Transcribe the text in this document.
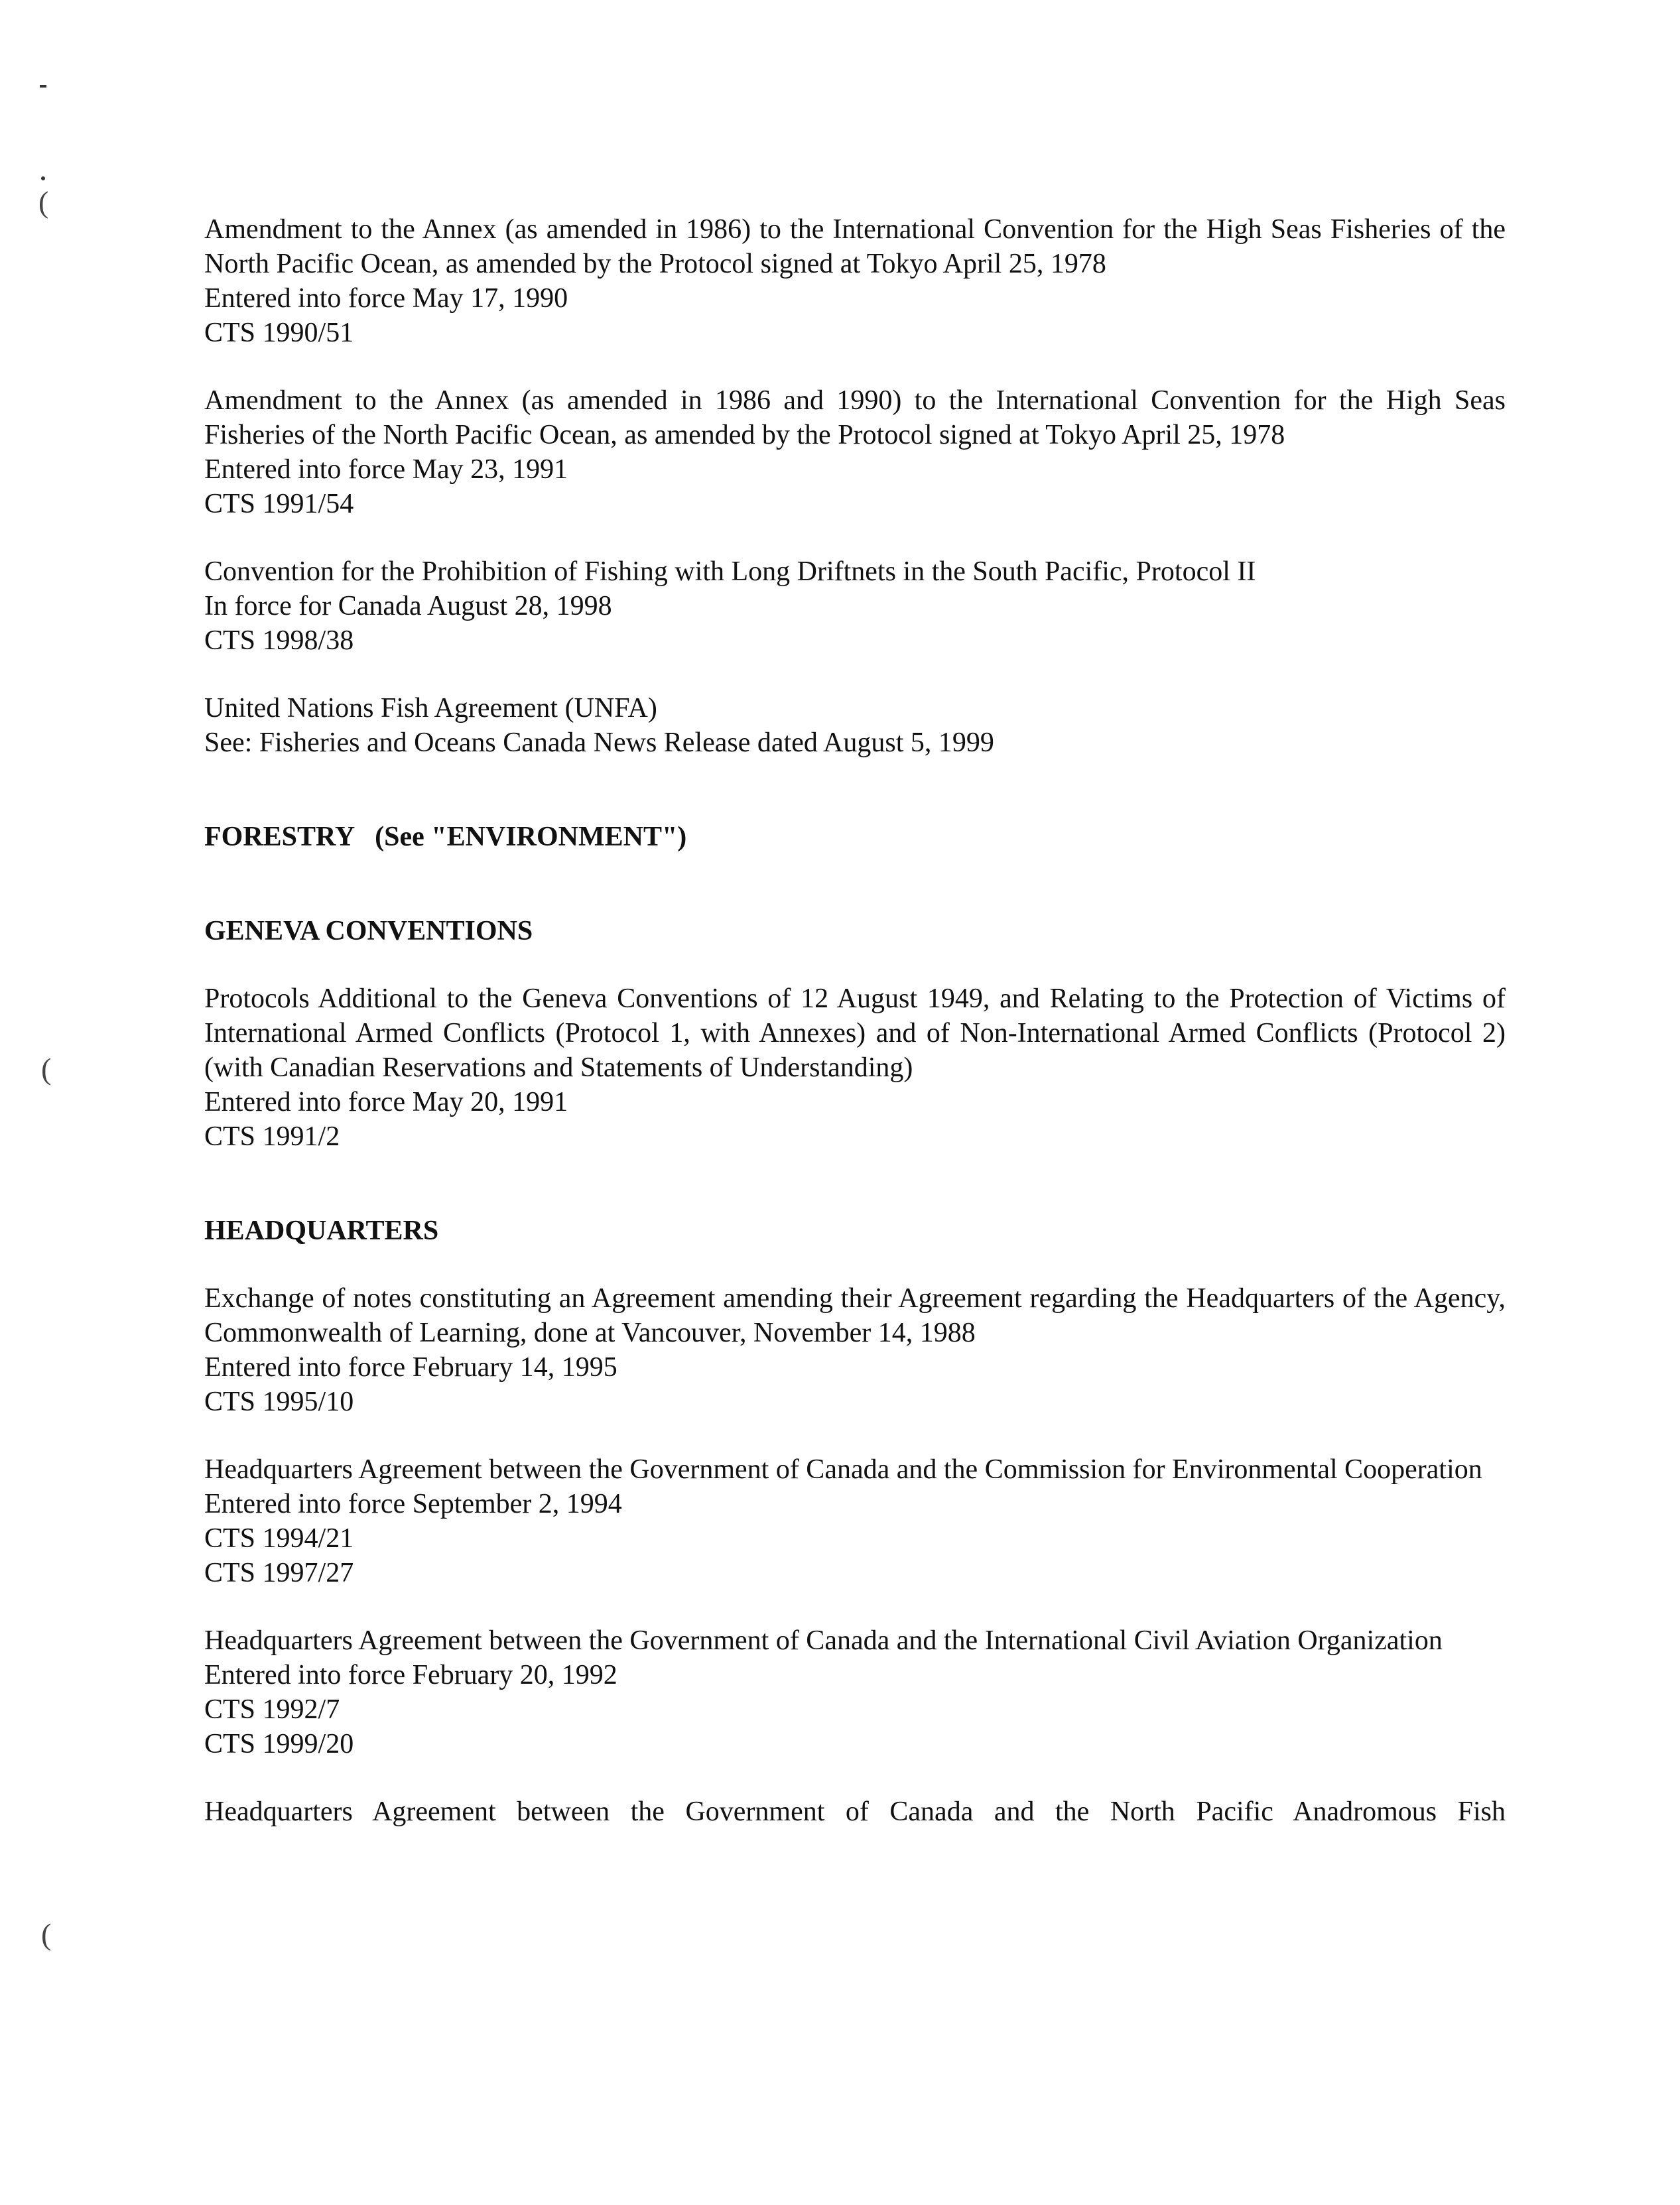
(
(
(
Amendment to the Annex (as amended in 1986) to the International Convention for the High Seas Fisheries of the North Pacific Ocean, as amended by the Protocol signed at Tokyo April 25, 1978
Entered into force May 17, 1990
CTS 1990/51
Amendment to the Annex (as amended in 1986 and 1990) to the International Convention for the High Seas Fisheries of the North Pacific Ocean, as amended by the Protocol signed at Tokyo April 25, 1978
Entered into force May 23, 1991
CTS 1991/54
Convention for the Prohibition of Fishing with Long Driftnets in the South Pacific, Protocol II
In force for Canada August 28, 1998
CTS 1998/38
United Nations Fish Agreement (UNFA)
See: Fisheries and Oceans Canada News Release dated August 5, 1999
FORESTRY   (See "ENVIRONMENT")
GENEVA CONVENTIONS
Protocols Additional to the Geneva Conventions of 12 August 1949, and Relating to the Protection of Victims of International Armed Conflicts (Protocol 1, with Annexes) and of Non-International Armed Conflicts (Protocol 2) (with Canadian Reservations and Statements of Understanding)
Entered into force May 20, 1991
CTS 1991/2
HEADQUARTERS
Exchange of notes constituting an Agreement amending their Agreement regarding the Headquarters of the Agency, Commonwealth of Learning, done at Vancouver, November 14, 1988
Entered into force February 14, 1995
CTS 1995/10
Headquarters Agreement between the Government of Canada and the Commission for Environmental Cooperation
Entered into force September 2, 1994
CTS 1994/21
CTS 1997/27
Headquarters Agreement between the Government of Canada and the International Civil Aviation Organization
Entered into force February 20, 1992
CTS 1992/7
CTS 1999/20
Headquarters Agreement between the Government of Canada and the North Pacific Anadromous Fish
